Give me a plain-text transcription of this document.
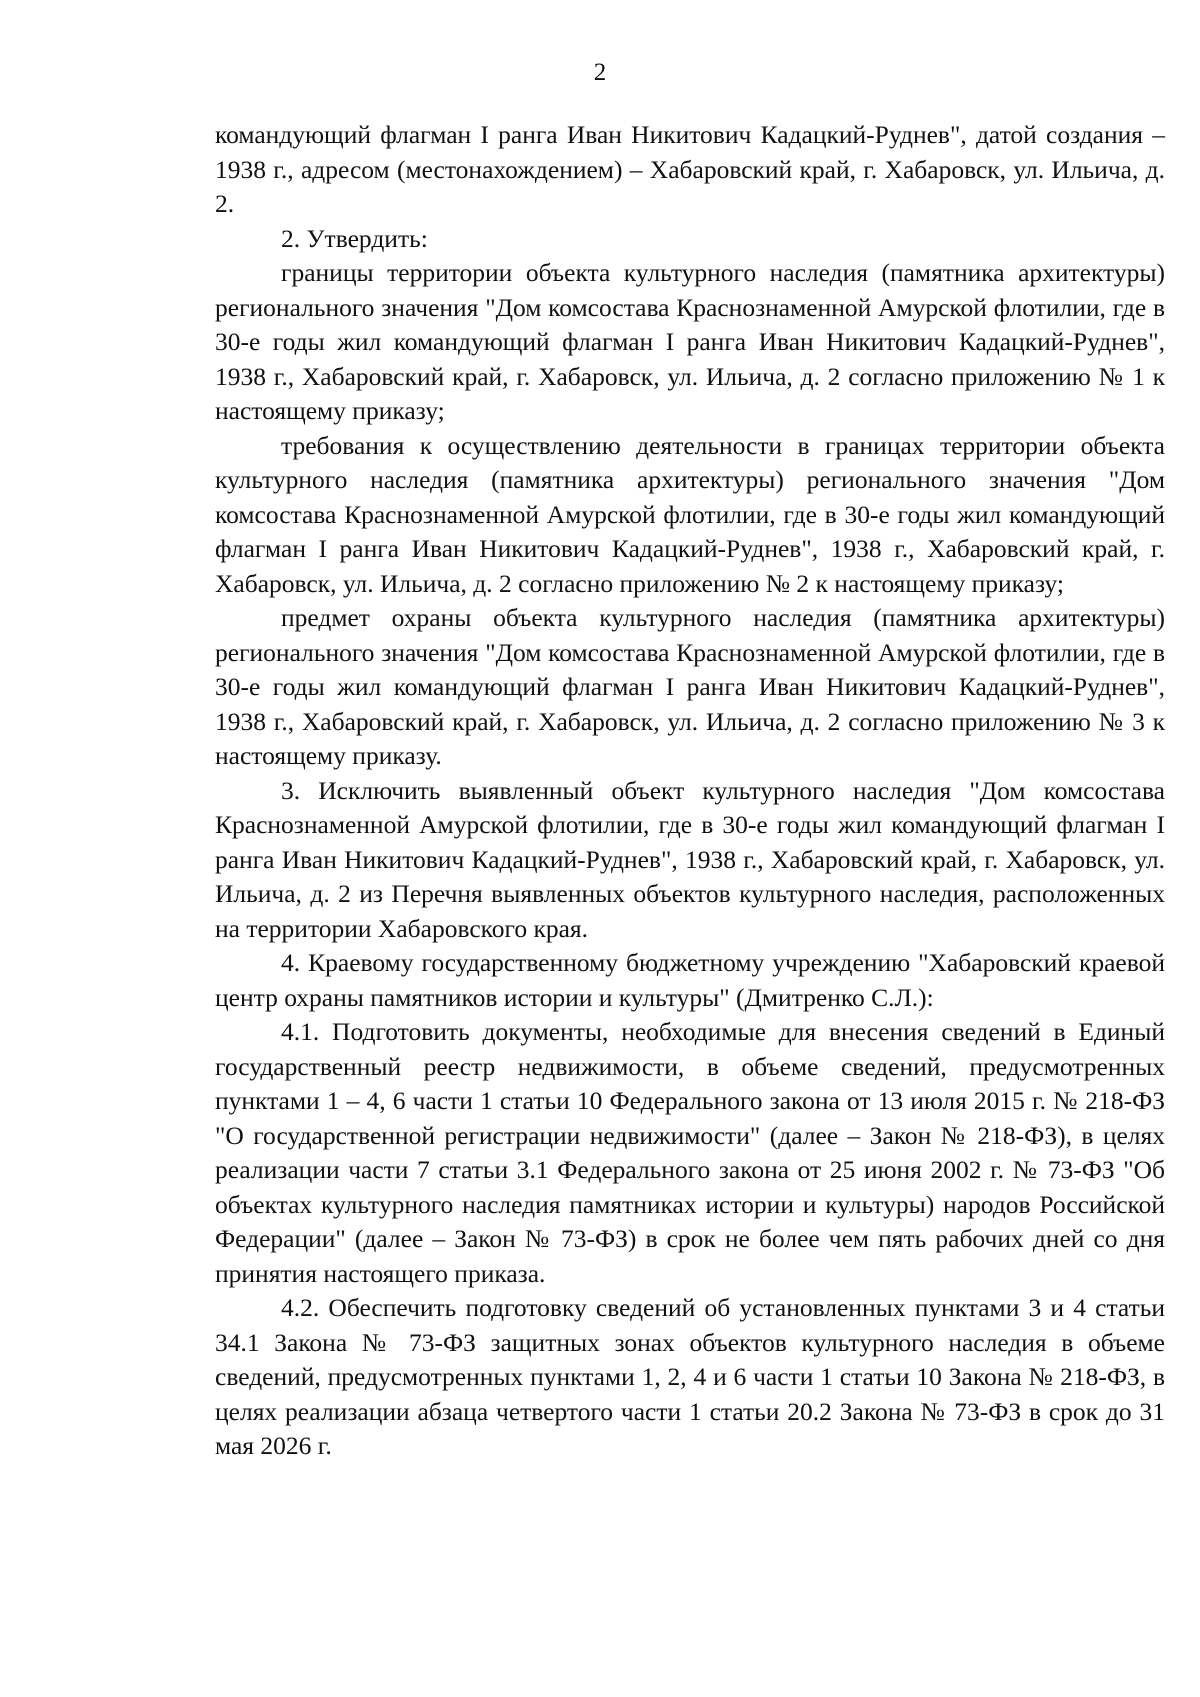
2

командующий флагман I ранга Иван Никитович Кадацкий-Руднев", датой создания – 1938 г., адресом (местонахождением) – Хабаровский край, г. Хабаровск, ул. Ильича, д. 2.

2. Утвердить:

границы территории объекта культурного наследия (памятника архитектуры) регионального значения "Дом комсостава Краснознаменной Амурской флотилии, где в 30-е годы жил командующий флагман I ранга Иван Никитович Кадацкий-Руднев", 1938 г., Хабаровский край, г. Хабаровск, ул. Ильича, д. 2 согласно приложению № 1 к настоящему приказу;

требования к осуществлению деятельности в границах территории объекта культурного наследия (памятника архитектуры) регионального значения "Дом комсостава Краснознаменной Амурской флотилии, где в 30-е годы жил командующий флагман I ранга Иван Никитович Кадацкий-Руднев", 1938 г., Хабаровский край, г. Хабаровск, ул. Ильича, д. 2 согласно приложению № 2 к настоящему приказу;

предмет охраны объекта культурного наследия (памятника архитектуры) регионального значения "Дом комсостава Краснознаменной Амурской флотилии, где в 30-е годы жил командующий флагман I ранга Иван Никитович Кадацкий-Руднев", 1938 г., Хабаровский край, г. Хабаровск, ул. Ильича, д. 2 согласно приложению № 3 к настоящему приказу.

3. Исключить выявленный объект культурного наследия "Дом комсостава Краснознаменной Амурской флотилии, где в 30-е годы жил командующий флагман I ранга Иван Никитович Кадацкий-Руднев", 1938 г., Хабаровский край, г. Хабаровск, ул. Ильича, д. 2 из Перечня выявленных объектов культурного наследия, расположенных на территории Хабаровского края.

4. Краевому государственному бюджетному учреждению "Хабаровский краевой центр охраны памятников истории и культуры" (Дмитренко С.Л.):

4.1. Подготовить документы, необходимые для внесения сведений в Единый государственный реестр недвижимости, в объеме сведений, предусмотренных пунктами 1 – 4, 6 части 1 статьи 10 Федерального закона от 13 июля 2015 г. № 218-ФЗ "О государственной регистрации недвижимости" (далее – Закон № 218-ФЗ), в целях реализации части 7 статьи 3.1 Федерального закона от 25 июня 2002 г. № 73-ФЗ "Об объектах культурного наследия памятниках истории и культуры) народов Российской Федерации" (далее – Закон № 73-ФЗ) в срок не более чем пять рабочих дней со дня принятия настоящего приказа.

4.2. Обеспечить подготовку сведений об установленных пунктами 3 и 4 статьи 34.1 Закона № 73-ФЗ защитных зонах объектов культурного наследия в объеме сведений, предусмотренных пунктами 1, 2, 4 и 6 части 1 статьи 10 Закона № 218-ФЗ, в целях реализации абзаца четвертого части 1 статьи 20.2 Закона № 73-ФЗ в срок до 31 мая 2026 г.
